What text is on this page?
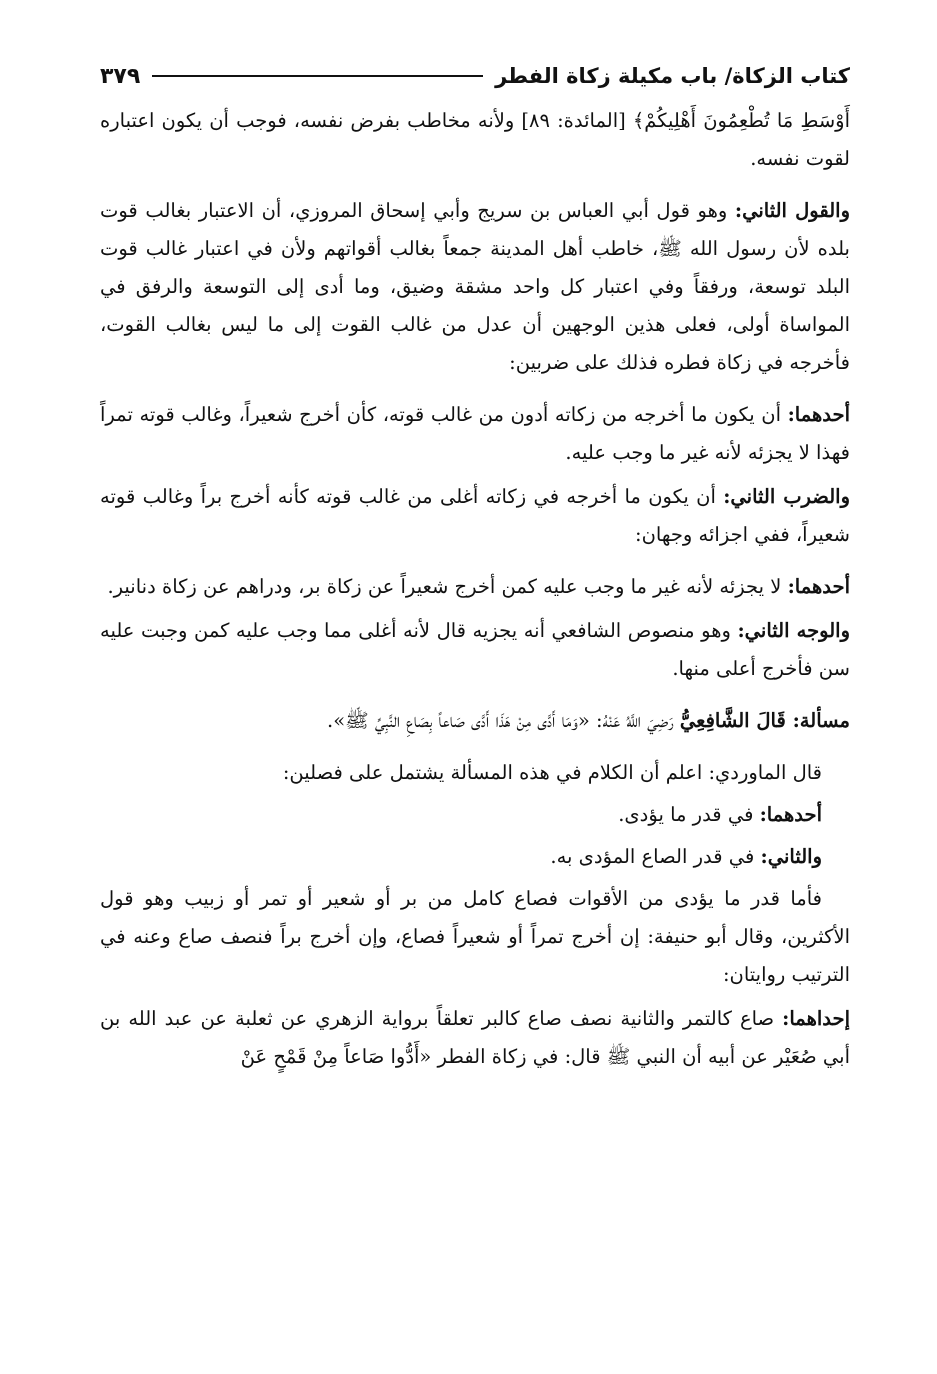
كتاب الزكاة/ باب مكيلة زكاة الفطر
٣٧٩

أَوْسَطِ مَا تُطْعِمُونَ أَهْلِيكُمْ﴾ [المائدة: ٨٩] ولأنه مخاطب بفرض نفسه، فوجب أن يكون اعتباره لقوت نفسه.

والقول الثاني: وهو قول أبي العباس بن سريج وأبي إسحاق المروزي، أن الاعتبار بغالب قوت بلده لأن رسول الله ﷺ، خاطب أهل المدينة جمعاً بغالب أقواتهم ولأن في اعتبار غالب قوت البلد توسعة، ورفقاً وفي اعتبار كل واحد مشقة وضيق، وما أدى إلى التوسعة والرفق في المواساة أولى، فعلى هذين الوجهين أن عدل من غالب القوت إلى ما ليس بغالب القوت، فأخرجه في زكاة فطره فذلك على ضربين:

أحدهما: أن يكون ما أخرجه من زكاته أدون من غالب قوته، كأن أخرج شعيراً، وغالب قوته تمراً فهذا لا يجزئه لأنه غير ما وجب عليه.

والضرب الثاني: أن يكون ما أخرجه في زكاته أغلى من غالب قوته كأنه أخرج براً وغالب قوته شعيراً، ففي اجزائه وجهان:

أحدهما: لا يجزئه لأنه غير ما وجب عليه كمن أخرج شعيراً عن زكاة بر، ودراهم عن زكاة دنانير.

والوجه الثاني: وهو منصوص الشافعي أنه يجزيه قال لأنه أغلى مما وجب عليه كمن وجبت عليه سن فأخرج أعلى منها.

مسألة: قَالَ الشَّافِعِيُّ رَضِيَ اللَّهُ عَنْهُ: «وَمَا أَدَّى مِنْ هَذَا أَدَّى صَاعاً بِصَاعِ النَّبِيِّ ﷺ».

قال الماوردي: اعلم أن الكلام في هذه المسألة يشتمل على فصلين:

أحدهما: في قدر ما يؤدى.

والثاني: في قدر الصاع المؤدى به.

فأما قدر ما يؤدى من الأقوات فصاع كامل من بر أو شعير أو تمر أو زبيب وهو قول الأكثرين، وقال أبو حنيفة: إن أخرج تمراً أو شعيراً فصاع، وإن أخرج براً فنصف صاع وعنه في الترتيب روايتان:

إحداهما: صاع كالتمر والثانية نصف صاع كالبر تعلقاً برواية الزهري عن ثعلبة عن عبد الله بن أبي صُعَيْر عن أبيه أن النبي ﷺ قال: في زكاة الفطر «أَدُّوا صَاعاً مِنْ قَمْحٍ عَنْ
